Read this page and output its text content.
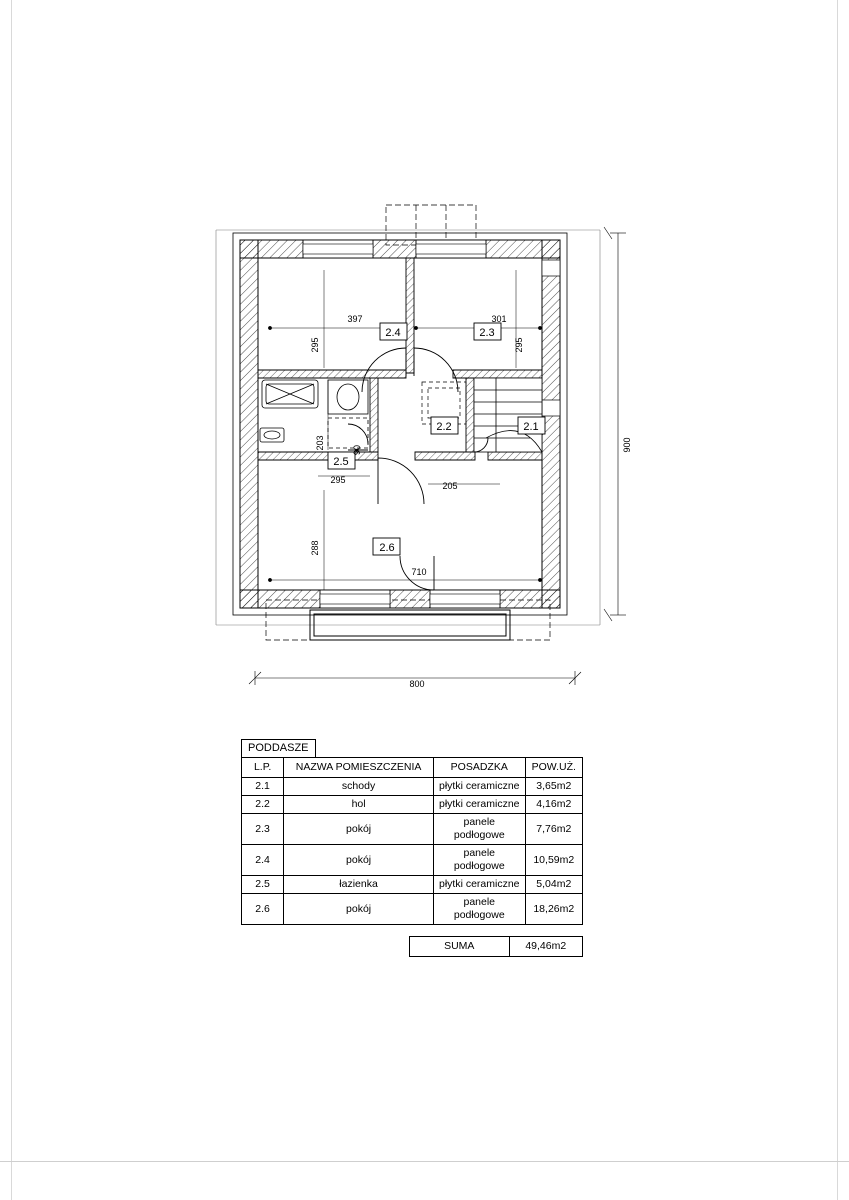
2.4	2.3
2.2	2.1
2.5
2.6
397	301
295	295
203	90
295
205
288
710
900
800
PODDASZE
L.P.	NAZWA POMIESZCZENIA	POSADZKA	POW.UŻ.
2.1	schody	płytki ceramiczne	3,65m2
2.2	hol	płytki ceramiczne	4,16m2
2.3	pokój	panele podłogowe	7,76m2
2.4	pokój	panele podłogowe	10,59m2
2.5	łazienka	płytki ceramiczne	5,04m2
2.6	pokój	panele podłogowe	18,26m2
SUMA	49,46m2
